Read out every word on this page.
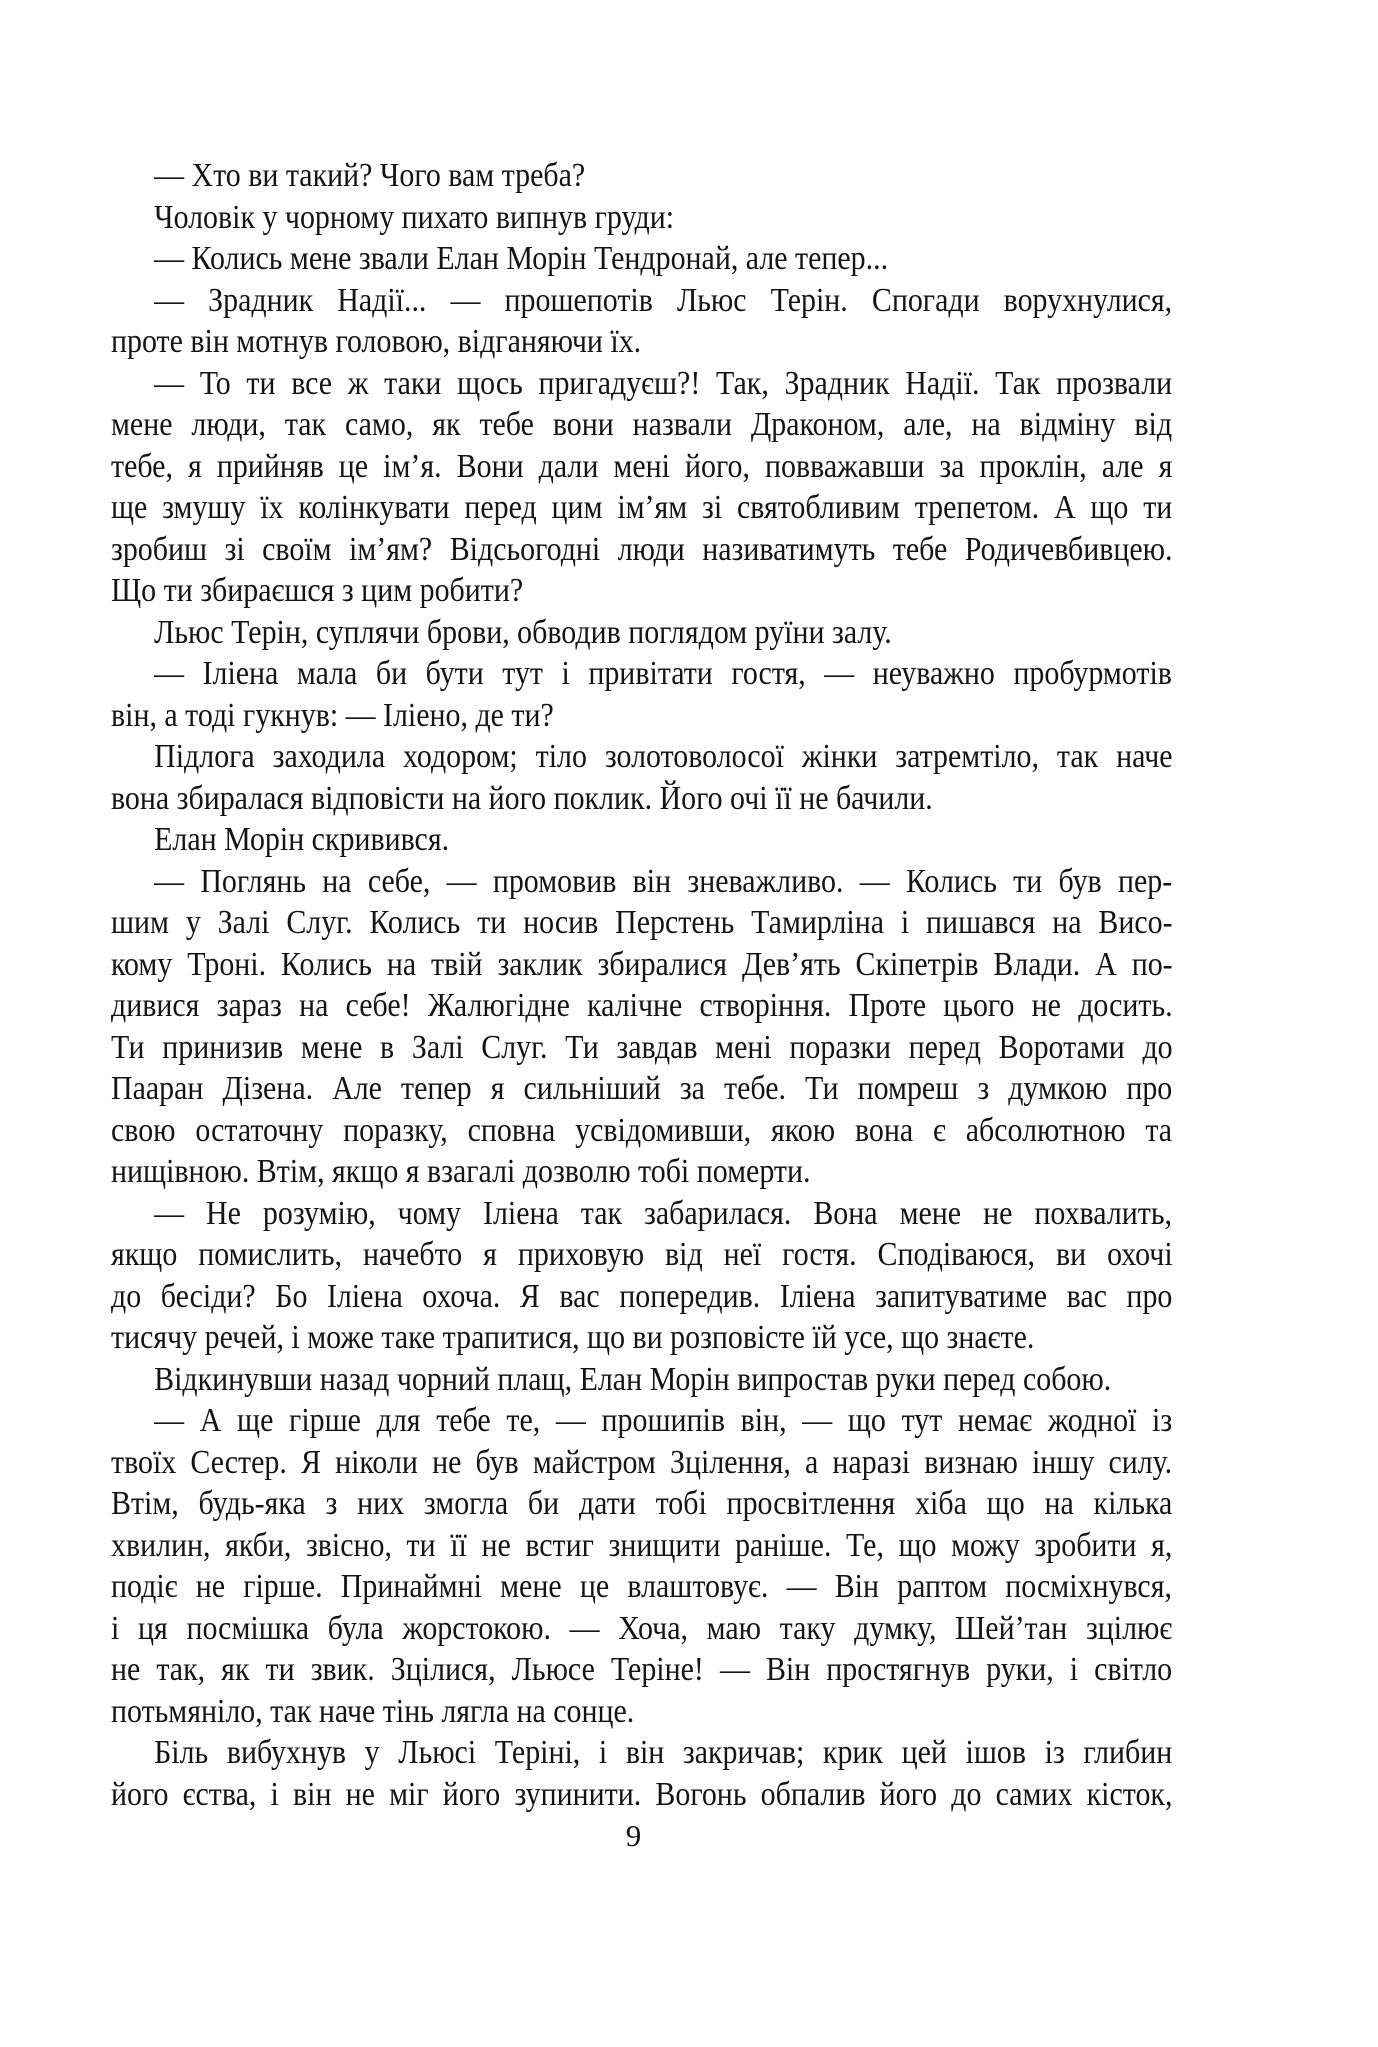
— Хто ви такий? Чого вам треба?
Чоловік у чорному пихато випнув груди:
— Колись мене звали Елан Морін Тендронай, але тепер...
— Зрадник Надії... — прошепотів Льюс Терін. Спогади ворухнулися,
проте він мотнув головою, відганяючи їх.
— То ти все ж таки щось пригадуєш?! Так, Зрадник Надії. Так прозвали
мене люди, так само, як тебе вони назвали Драконом, але, на відміну від
тебе, я прийняв це ім’я. Вони дали мені його, повважавши за проклін, але я
ще змушу їх колінкувати перед цим ім’ям зі святобливим трепетом. А що ти
зробиш зі своїм ім’ям? Відсьогодні люди називатимуть тебе Родичевбивцею.
Що ти збираєшся з цим робити?
Льюс Терін, суплячи брови, обводив поглядом руїни залу.
— Іліена мала би бути тут і привітати гостя, — неуважно пробурмотів
він, а тоді гукнув: — Іліено, де ти?
Підлога заходила ходором; тіло золотоволосої жінки затремтіло, так наче
вона збиралася відповісти на його поклик. Його очі її не бачили.
Елан Морін скривився.
— Поглянь на себе, — промовив він зневажливо. — Колись ти був пер-
шим у Залі Слуг. Колись ти носив Перстень Тамирліна і пишався на Висо-
кому Троні. Колись на твій заклик збиралися Дев’ять Скіпетрів Влади. А по-
дивися зараз на себе! Жалюгідне калічне створіння. Проте цього не досить.
Ти принизив мене в Залі Слуг. Ти завдав мені поразки перед Воротами до
Пааран Дізена. Але тепер я сильніший за тебе. Ти помреш з думкою про
свою остаточну поразку, сповна усвідомивши, якою вона є абсолютною та
нищівною. Втім, якщо я взагалі дозволю тобі померти.
— Не розумію, чому Іліена так забарилася. Вона мене не похвалить,
якщо помислить, начебто я приховую від неї гостя. Сподіваюся, ви охочі
до бесіди? Бо Іліена охоча. Я вас попередив. Іліена запитуватиме вас про
тисячу речей, і може таке трапитися, що ви розповісте їй усе, що знаєте.
Відкинувши назад чорний плащ, Елан Морін випростав руки перед собою.
— А ще гірше для тебе те, — прошипів він, — що тут немає жодної із
твоїх Сестер. Я ніколи не був майстром Зцілення, а наразі визнаю іншу силу.
Втім, будь-яка з них змогла би дати тобі просвітлення хіба що на кілька
хвилин, якби, звісно, ти її не встиг знищити раніше. Те, що можу зробити я,
подіє не гірше. Принаймні мене це влаштовує. — Він раптом посміхнувся,
і ця посмішка була жорстокою. — Хоча, маю таку думку, Шей’тан зцілює
не так, як ти звик. Зцілися, Льюсе Теріне! — Він простягнув руки, і світло
потьмяніло, так наче тінь лягла на сонце.
Біль вибухнув у Льюсі Теріні, і він закричав; крик цей ішов із глибин
його єства, і він не міг його зупинити. Вогонь обпалив його до самих кісток,
9
